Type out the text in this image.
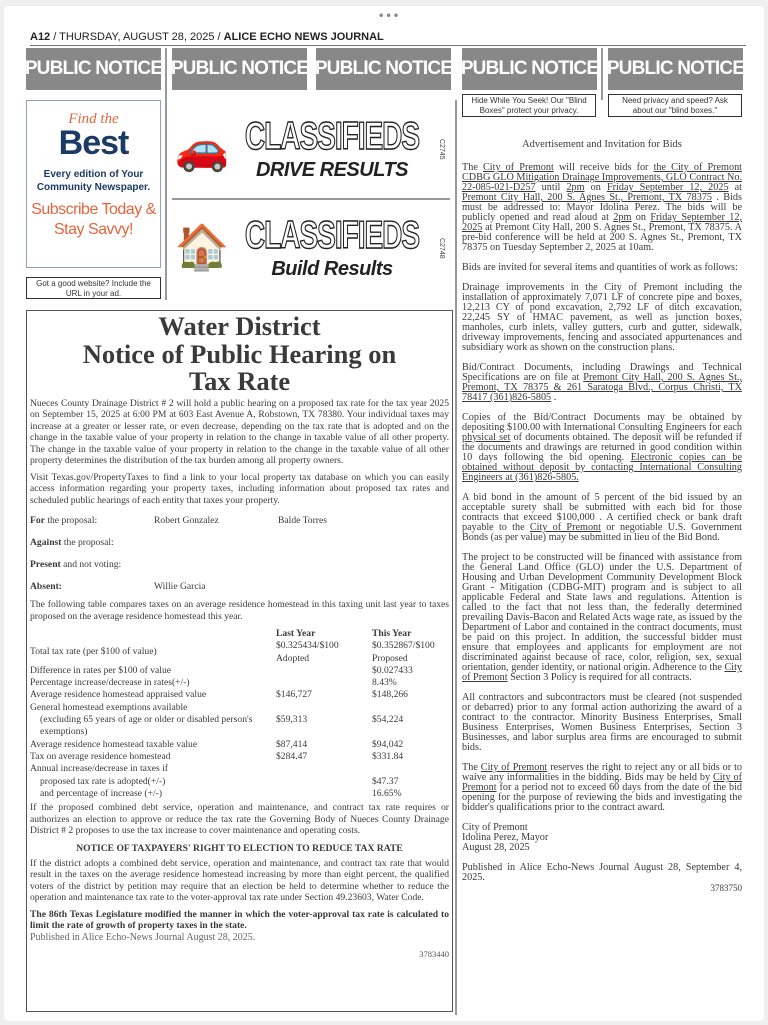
•••
A12 / THURSDAY, AUGUST 28, 2025 / ALICE ECHO NEWS JOURNAL
PUBLIC NOTICE PUBLIC NOTICE PUBLIC NOTICE PUBLIC NOTICE PUBLIC NOTICE
Hide While You Seek! Our "Blind Boxes" protect your privacy.
Need privacy and speed? Ask about our "blind boxes."
Find the
Best
Every edition of Your Community Newspaper.
Subscribe Today & Stay Savvy!
Got a good website? Include the URL in your ad.
🚗 CLASSIFIEDS
DRIVE RESULTS
C2745
🏠 CLASSIFIEDS
Build Results
C2748
Advertisement and Invitation for Bids

The City of Premont will receive bids for the City of Premont CDBG GLO Mitigation Drainage Improvements, GLO Contract No. 22-085-021-D257 until 2pm on Friday September 12, 2025 at Premont City Hall, 200 S. Agnes St., Premont, TX 78375 . Bids must be addressed to: Mayor Idolina Perez. The bids will be publicly opened and read aloud at 2pm on Friday September 12, 2025 at Premont City Hall, 200 S. Agnes St., Premont, TX 78375. A pre-bid conference will be held at 200 S. Agnes St., Premont, TX 78375 on Tuesday September 2, 2025 at 10am.

Bids are invited for several items and quantities of work as follows:

Drainage improvements in the City of Premont including the installation of approximately 7,071 LF of concrete pipe and boxes, 12,213 CY of pond excavation, 2,792 LF of ditch excavation, 22,245 SY of HMAC pavement, as well as junction boxes, manholes, curb inlets, valley gutters, curb and gutter, sidewalk, driveway improvements, fencing and associated appurtenances and subsidiary work as shown on the construction plans.

Bid/Contract Documents, including Drawings and Technical Specifications are on file at Premont City Hall, 200 S. Agnes St., Premont, TX 78375 & 261 Saratoga Blvd., Corpus Christi, TX 78417 (361)826-5805 .

Copies of the Bid/Contract Documents may be obtained by depositing $100.00 with International Consulting Engineers for each physical set of documents obtained. The deposit will be refunded if the documents and drawings are returned in good condition within 10 days following the bid opening. Electronic copies can be obtained without deposit by contacting International Consulting Engineers at (361)826-5805.

A bid bond in the amount of 5 percent of the bid issued by an acceptable surety shall be submitted with each bid for those contracts that exceed $100,000 . A certified check or bank draft payable to the City of Premont or negotiable U.S. Government Bonds (as per value) may be submitted in lieu of the Bid Bond.

The project to be constructed will be financed with assistance from the General Land Office (GLO) under the U.S. Department of Housing and Urban Development Community Development Block Grant - Mitigation (CDBG-MIT) program and is subject to all applicable Federal and State laws and regulations. Attention is called to the fact that not less than, the federally determined prevailing Davis-Bacon and Related Acts wage rate, as issued by the Department of Labor and contained in the contract documents, must be paid on this project. In addition, the successful bidder must ensure that employees and applicants for employment are not discriminated against because of race, color, religion, sex, sexual orientation, gender identity, or national origin. Adherence to the City of Premont Section 3 Policy is required for all contracts.

All contractors and subcontractors must be cleared (not suspended or debarred) prior to any formal action authorizing the award of a contract to the contractor. Minority Business Enterprises, Small Business Enterprises, Women Business Enterprises, Section 3 Businesses, and labor surplus area firms are encouraged to submit bids.

The City of Premont reserves the right to reject any or all bids or to waive any informalities in the bidding. Bids may be held by City of Premont for a period not to exceed 60 days from the date of the bid opening for the purpose of reviewing the bids and investigating the bidder's qualifications prior to the contract award.

City of Premont
Idolina Perez, Mayor
August 28, 2025

Published in Alice Echo-News Journal August 28, September 4, 2025.

3783750
Water District
Notice of Public Hearing on
Tax Rate

Nueces County Drainage District # 2 will hold a public hearing on a proposed tax rate for the tax year 2025 on September 15, 2025 at 6:00 PM at 603 East Avenue A, Robstown, TX 78380. Your individual taxes may increase at a greater or lesser rate, or even decrease, depending on the tax rate that is adopted and on the change in the taxable value of your property in relation to the change in taxable value of all other property. The change in the taxable value of your property in relation to the change in the taxable value of all other property determines the distribution of the tax burden among all property owners.

Visit Texas.gov/PropertyTaxes to find a link to your local property tax database on which you can easily access information regarding your property taxes, including information about proposed tax rates and scheduled public hearings of each entity that taxes your property.

For the proposal:	Robert Gonzalez	Balde Torres
Against the proposal:
Present and not voting:
Absent:	Willie Garcia

The following table compares taxes on an average residence homestead in this taxing unit last year to taxes proposed on the average residence homestead this year.

	Last Year	This Year
Total tax rate (per $100 of value)	$0.325434/$100 Adopted	$0.352867/$100 Proposed
Difference in rates per $100 of value		$0.027433
Percentage increase/decrease in rates(+/-)		8.43%
Average residence homestead appraised value	$146,727	$148,266
General homestead exemptions available
(excluding 65 years of age or older or disabled person's exemptions)	$59,313	$54,224
Average residence homestead taxable value	$87,414	$94,042
Tax on average residence homestead	$284.47	$331.84
Annual increase/decrease in taxes if
proposed tax rate is adopted(+/-)		$47.37

and percentage of increase (+/-)		16.65%

If the proposed combined debt service, operation and maintenance, and contract tax rate requires or authorizes an election to approve or reduce the tax rate the Governing Body of Nueces County Drainage District # 2 proposes to use the tax increase to cover maintenance and operating costs.

NOTICE OF TAXPAYERS' RIGHT TO ELECTION TO REDUCE TAX RATE

If the district adopts a combined debt service, operation and maintenance, and contract tax rate that would result in the taxes on the average residence homestead increasing by more than eight percent, the qualified voters of the district by petition may require that an election be held to determine whether to reduce the operation and maintenance tax rate to the voter-approval tax rate under Section 49.23603, Water Code.

The 86th Texas Legislature modified the manner in which the voter-approval tax rate is calculated to limit the rate of growth of property taxes in the state.

Published in Alice Echo-News Journal August 28, 2025.
3783440
